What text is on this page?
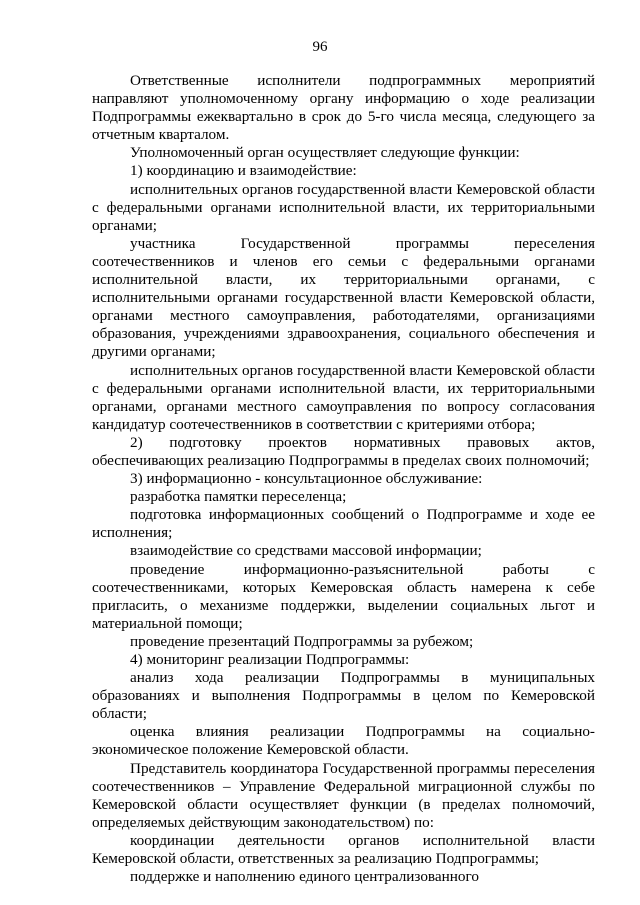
96

Ответственные исполнители подпрограммных мероприятий направляют уполномоченному органу информацию о ходе реализации Подпрограммы ежеквартально в срок до 5-го числа месяца, следующего за отчетным кварталом.

Уполномоченный орган осуществляет следующие функции:

1) координацию и взаимодействие:

исполнительных органов государственной власти Кемеровской области с федеральными органами исполнительной власти, их территориальными органами;

участника Государственной программы переселения соотечественников и членов его семьи с федеральными органами исполнительной власти, их территориальными органами, с исполнительными органами государственной власти Кемеровской области, органами местного самоуправления, работодателями, организациями образования, учреждениями здравоохранения, социального обеспечения и другими органами;

исполнительных органов государственной власти Кемеровской области с федеральными органами исполнительной власти, их территориальными органами, органами местного самоуправления по вопросу согласования кандидатур соотечественников в соответствии с критериями отбора;

2) подготовку проектов нормативных правовых актов, обеспечивающих реализацию Подпрограммы в пределах своих полномочий;

3) информационно - консультационное обслуживание:

разработка памятки переселенца;

подготовка информационных сообщений о Подпрограмме и ходе ее исполнения;

взаимодействие со средствами массовой информации;

проведение информационно-разъяснительной работы с соотечественниками, которых Кемеровская область намерена к себе пригласить, о механизме поддержки, выделении социальных льгот и материальной помощи;

проведение презентаций Подпрограммы за рубежом;

4) мониторинг реализации Подпрограммы:

анализ хода реализации Подпрограммы в муниципальных образованиях и выполнения Подпрограммы в целом по Кемеровской области;

оценка влияния реализации Подпрограммы на социально-экономическое положение Кемеровской области.

Представитель координатора Государственной программы переселения соотечественников – Управление Федеральной миграционной службы по Кемеровской области осуществляет функции (в пределах полномочий, определяемых действующим законодательством) по:

координации деятельности органов исполнительной власти Кемеровской области, ответственных за реализацию Подпрограммы;

поддержке и наполнению единого централизованного
